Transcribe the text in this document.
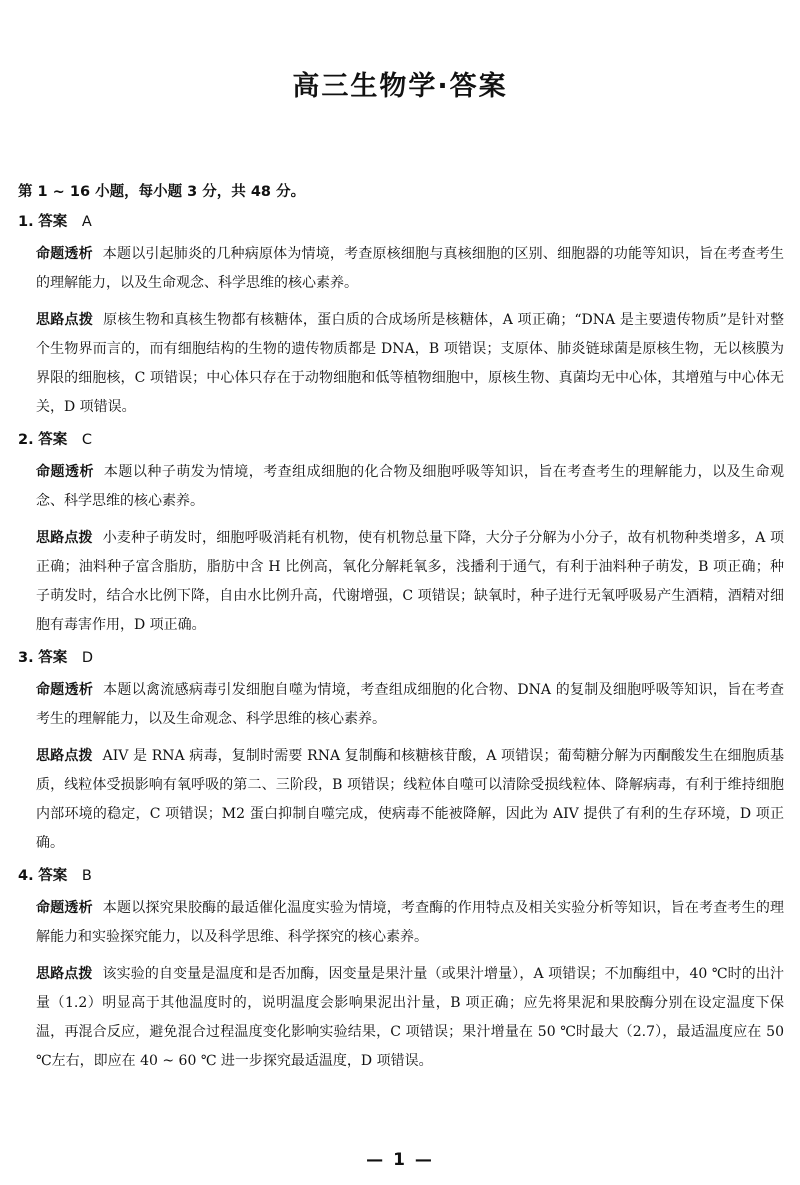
高三生物学·答案
第 1 ~ 16 小题，每小题 3 分，共 48 分。
1. 答案 A

命题透析 本题以引起肺炎的几种病原体为情境，考查原核细胞与真核细胞的区别、细胞器的功能等知识，旨在考查考生的理解能力，以及生命观念、科学思维的核心素养。

思路点拨 原核生物和真核生物都有核糖体，蛋白质的合成场所是核糖体，A 项正确；“DNA 是主要遗传物质”是针对整个生物界而言的，而有细胞结构的生物的遗传物质都是 DNA，B 项错误；支原体、肺炎链球菌是原核生物，无以核膜为界限的细胞核，C 项错误；中心体只存在于动物细胞和低等植物细胞中，原核生物、真菌均无中心体，其增殖与中心体无关，D 项错误。

2. 答案 C

命题透析 本题以种子萌发为情境，考查组成细胞的化合物及细胞呼吸等知识，旨在考查考生的理解能力，以及生命观念、科学思维的核心素养。

思路点拨 小麦种子萌发时，细胞呼吸消耗有机物，使有机物总量下降，大分子分解为小分子，故有机物种类增多，A 项正确；油料种子富含脂肪，脂肪中含 H 比例高，氧化分解耗氧多，浅播利于通气，有利于油料种子萌发，B 项正确；种子萌发时，结合水比例下降，自由水比例升高，代谢增强，C 项错误；缺氧时，种子进行无氧呼吸易产生酒精，酒精对细胞有毒害作用，D 项正确。

3. 答案 D

命题透析 本题以禽流感病毒引发细胞自噬为情境，考查组成细胞的化合物、DNA 的复制及细胞呼吸等知识，旨在考查考生的理解能力，以及生命观念、科学思维的核心素养。

思路点拨 AIV 是 RNA 病毒，复制时需要 RNA 复制酶和核糖核苷酸，A 项错误；葡萄糖分解为丙酮酸发生在细胞质基质，线粒体受损影响有氧呼吸的第二、三阶段，B 项错误；线粒体自噬可以清除受损线粒体、降解病毒，有利于维持细胞内部环境的稳定，C 项错误；M2 蛋白抑制自噬完成，使病毒不能被降解，因此为 AIV 提供了有利的生存环境，D 项正确。

4. 答案 B

命题透析 本题以探究果胶酶的最适催化温度实验为情境，考查酶的作用特点及相关实验分析等知识，旨在考查考生的理解能力和实验探究能力，以及科学思维、科学探究的核心素养。

思路点拨 该实验的自变量是温度和是否加酶，因变量是果汁量（或果汁增量），A 项错误；不加酶组中，40 ℃时的出汁量（1.2）明显高于其他温度时的，说明温度会影响果泥出汁量，B 项正确；应先将果泥和果胶酶分别在设定温度下保温，再混合反应，避免混合过程温度变化影响实验结果，C 项错误；果汁增量在 50 ℃时最大（2.7），最适温度应在 50 ℃左右，即应在 40 ~ 60 ℃ 进一步探究最适温度，D 项错误。

— 1 —
